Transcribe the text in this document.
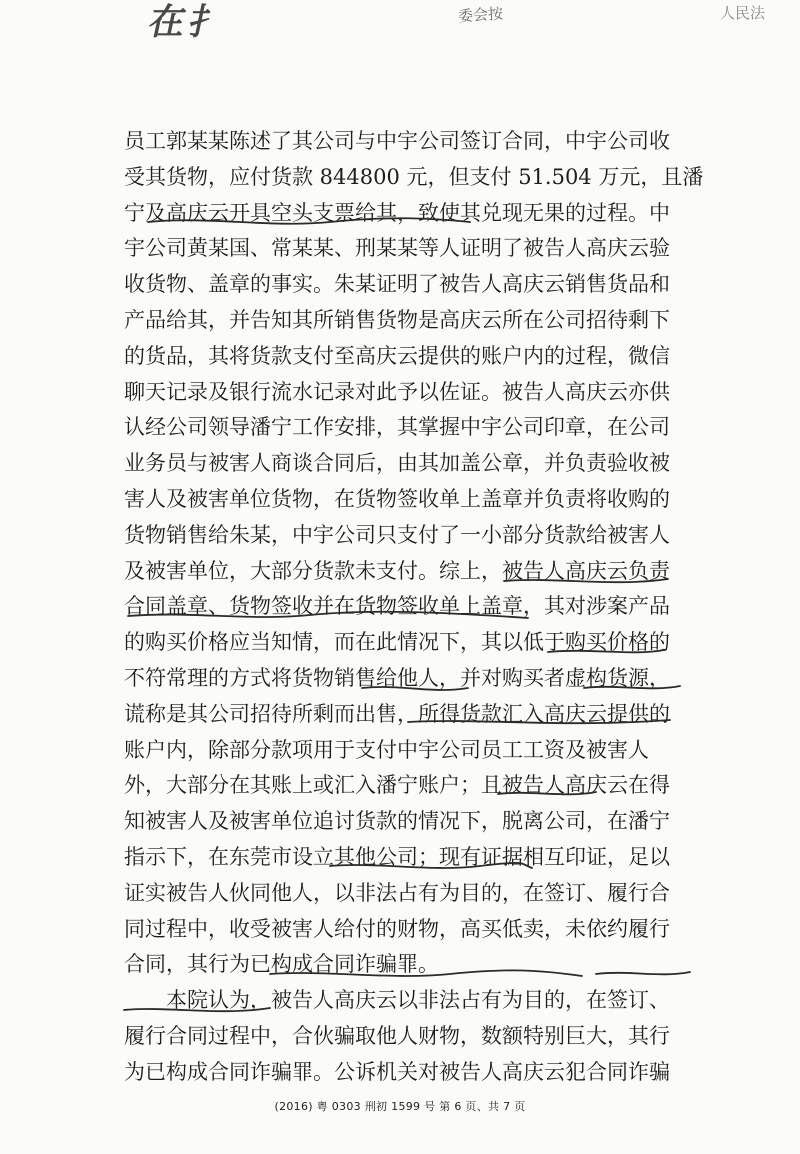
在扌	委会按	人民法
员工郭某某陈述了其公司与中宇公司签订合同，中宇公司收
受其货物，应付货款 844800 元，但支付 51.504 万元，且潘
宁及高庆云开具空头支票给其，致使其兑现无果的过程。中
宇公司黄某国、常某某、刑某某等人证明了被告人高庆云验
收货物、盖章的事实。朱某证明了被告人高庆云销售货品和
产品给其，并告知其所销售货物是高庆云所在公司招待剩下
的货品，其将货款支付至高庆云提供的账户内的过程，微信
聊天记录及银行流水记录对此予以佐证。被告人高庆云亦供
认经公司领导潘宁工作安排，其掌握中宇公司印章，在公司
业务员与被害人商谈合同后，由其加盖公章，并负责验收被
害人及被害单位货物，在货物签收单上盖章并负责将收购的
货物销售给朱某，中宇公司只支付了一小部分货款给被害人
及被害单位，大部分货款未支付。综上，被告人高庆云负责
合同盖章、货物签收并在货物签收单上盖章，其对涉案产品
的购买价格应当知情，而在此情况下，其以低于购买价格的
不符常理的方式将货物销售给他人，并对购买者虚构货源，
谎称是其公司招待所剩而出售，所得货款汇入高庆云提供的
账户内，除部分款项用于支付中宇公司员工工资及被害人
外，大部分在其账上或汇入潘宁账户；且被告人高庆云在得
知被害人及被害单位追讨货款的情况下，脱离公司，在潘宁
指示下，在东莞市设立其他公司；现有证据相互印证，足以
证实被告人伙同他人，以非法占有为目的，在签订、履行合
同过程中，收受被害人给付的财物，高买低卖，未依约履行
合同，其行为已构成合同诈骗罪。
本院认为，被告人高庆云以非法占有为目的，在签订、
履行合同过程中，合伙骗取他人财物，数额特别巨大，其行
为已构成合同诈骗罪。公诉机关对被告人高庆云犯合同诈骗
(2016) 粤 0303 刑初 1599 号 第 6 页、共 7 页
